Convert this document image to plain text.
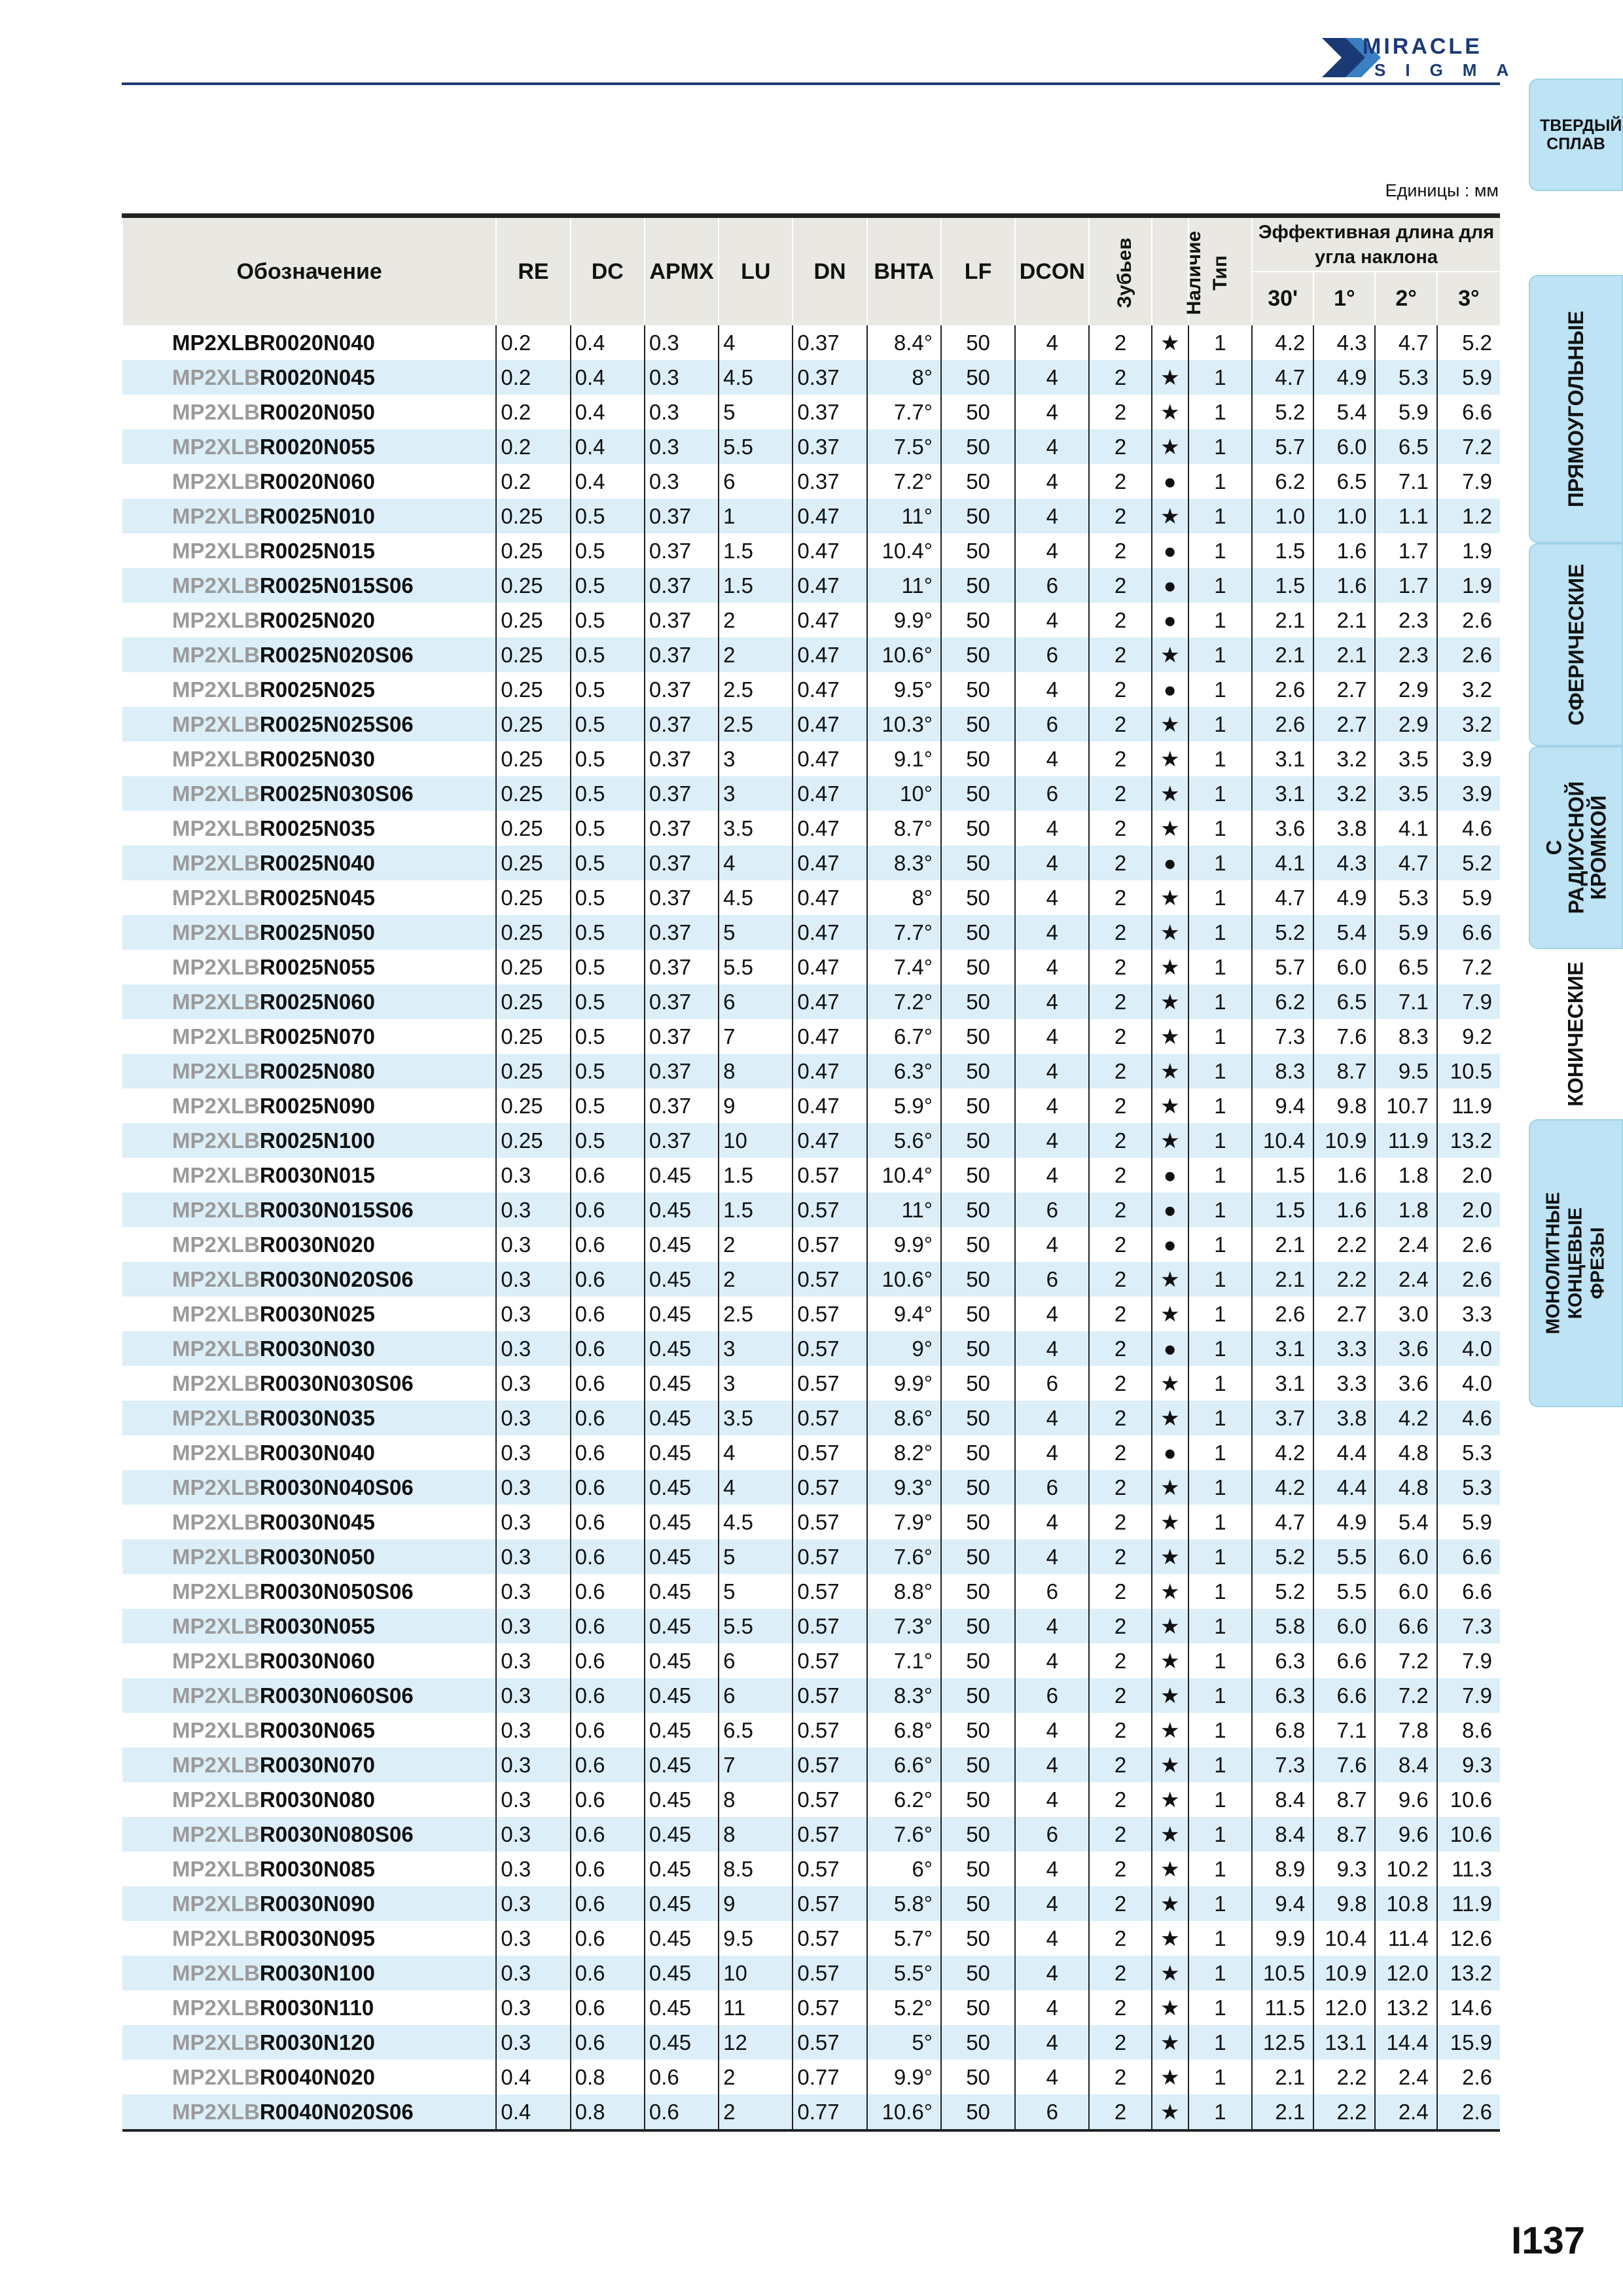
MIRACLE
SIGMA
ТВЕРДЫЙ СПЛАВ
ПРЯМОУГОЛЬНЫЕ
СФЕРИЧЕСКИЕ
С РАДИУСНОЙ КРОМКОЙ
КОНИЧЕСКИЕ
МОНОЛИТНЫЕ КОНЦЕВЫЕ ФРЕЗЫ
Единицы : мм
Обозначение	RE	DC	APMX	LU	DN	BHTA	LF	DCON	Зубьев	Наличие	Тип	Эффективная длина для угла наклона			
												30'	1°	2°	3°
MP2XLBR0020N040	0.2	0.4	0.3	4	0.37	8.4°	50	4	2	★	1	4.2	4.3	4.7	5.2
MP2XLBR0020N045	0.2	0.4	0.3	4.5	0.37	8°	50	4	2	★	1	4.7	4.9	5.3	5.9
MP2XLBR0020N050	0.2	0.4	0.3	5	0.37	7.7°	50	4	2	★	1	5.2	5.4	5.9	6.6
MP2XLBR0020N055	0.2	0.4	0.3	5.5	0.37	7.5°	50	4	2	★	1	5.7	6.0	6.5	7.2
MP2XLBR0020N060	0.2	0.4	0.3	6	0.37	7.2°	50	4	2	●	1	6.2	6.5	7.1	7.9
MP2XLBR0025N010	0.25	0.5	0.37	1	0.47	11°	50	4	2	★	1	1.0	1.0	1.1	1.2
MP2XLBR0025N015	0.25	0.5	0.37	1.5	0.47	10.4°	50	4	2	●	1	1.5	1.6	1.7	1.9
MP2XLBR0025N015S06	0.25	0.5	0.37	1.5	0.47	11°	50	6	2	●	1	1.5	1.6	1.7	1.9
MP2XLBR0025N020	0.25	0.5	0.37	2	0.47	9.9°	50	4	2	●	1	2.1	2.1	2.3	2.6
MP2XLBR0025N020S06	0.25	0.5	0.37	2	0.47	10.6°	50	6	2	★	1	2.1	2.1	2.3	2.6
MP2XLBR0025N025	0.25	0.5	0.37	2.5	0.47	9.5°	50	4	2	●	1	2.6	2.7	2.9	3.2
MP2XLBR0025N025S06	0.25	0.5	0.37	2.5	0.47	10.3°	50	6	2	★	1	2.6	2.7	2.9	3.2
MP2XLBR0025N030	0.25	0.5	0.37	3	0.47	9.1°	50	4	2	★	1	3.1	3.2	3.5	3.9
MP2XLBR0025N030S06	0.25	0.5	0.37	3	0.47	10°	50	6	2	★	1	3.1	3.2	3.5	3.9
MP2XLBR0025N035	0.25	0.5	0.37	3.5	0.47	8.7°	50	4	2	★	1	3.6	3.8	4.1	4.6
MP2XLBR0025N040	0.25	0.5	0.37	4	0.47	8.3°	50	4	2	●	1	4.1	4.3	4.7	5.2
MP2XLBR0025N045	0.25	0.5	0.37	4.5	0.47	8°	50	4	2	★	1	4.7	4.9	5.3	5.9
MP2XLBR0025N050	0.25	0.5	0.37	5	0.47	7.7°	50	4	2	★	1	5.2	5.4	5.9	6.6
MP2XLBR0025N055	0.25	0.5	0.37	5.5	0.47	7.4°	50	4	2	★	1	5.7	6.0	6.5	7.2
MP2XLBR0025N060	0.25	0.5	0.37	6	0.47	7.2°	50	4	2	★	1	6.2	6.5	7.1	7.9
MP2XLBR0025N070	0.25	0.5	0.37	7	0.47	6.7°	50	4	2	★	1	7.3	7.6	8.3	9.2
MP2XLBR0025N080	0.25	0.5	0.37	8	0.47	6.3°	50	4	2	★	1	8.3	8.7	9.5	10.5
MP2XLBR0025N090	0.25	0.5	0.37	9	0.47	5.9°	50	4	2	★	1	9.4	9.8	10.7	11.9
MP2XLBR0025N100	0.25	0.5	0.37	10	0.47	5.6°	50	4	2	★	1	10.4	10.9	11.9	13.2
MP2XLBR0030N015	0.3	0.6	0.45	1.5	0.57	10.4°	50	4	2	●	1	1.5	1.6	1.8	2.0
MP2XLBR0030N015S06	0.3	0.6	0.45	1.5	0.57	11°	50	6	2	●	1	1.5	1.6	1.8	2.0
MP2XLBR0030N020	0.3	0.6	0.45	2	0.57	9.9°	50	4	2	●	1	2.1	2.2	2.4	2.6
MP2XLBR0030N020S06	0.3	0.6	0.45	2	0.57	10.6°	50	6	2	★	1	2.1	2.2	2.4	2.6
MP2XLBR0030N025	0.3	0.6	0.45	2.5	0.57	9.4°	50	4	2	★	1	2.6	2.7	3.0	3.3
MP2XLBR0030N030	0.3	0.6	0.45	3	0.57	9°	50	4	2	●	1	3.1	3.3	3.6	4.0
MP2XLBR0030N030S06	0.3	0.6	0.45	3	0.57	9.9°	50	6	2	★	1	3.1	3.3	3.6	4.0
MP2XLBR0030N035	0.3	0.6	0.45	3.5	0.57	8.6°	50	4	2	★	1	3.7	3.8	4.2	4.6
MP2XLBR0030N040	0.3	0.6	0.45	4	0.57	8.2°	50	4	2	●	1	4.2	4.4	4.8	5.3
MP2XLBR0030N040S06	0.3	0.6	0.45	4	0.57	9.3°	50	6	2	★	1	4.2	4.4	4.8	5.3
MP2XLBR0030N045	0.3	0.6	0.45	4.5	0.57	7.9°	50	4	2	★	1	4.7	4.9	5.4	5.9
MP2XLBR0030N050	0.3	0.6	0.45	5	0.57	7.6°	50	4	2	★	1	5.2	5.5	6.0	6.6
MP2XLBR0030N050S06	0.3	0.6	0.45	5	0.57	8.8°	50	6	2	★	1	5.2	5.5	6.0	6.6
MP2XLBR0030N055	0.3	0.6	0.45	5.5	0.57	7.3°	50	4	2	★	1	5.8	6.0	6.6	7.3
MP2XLBR0030N060	0.3	0.6	0.45	6	0.57	7.1°	50	4	2	★	1	6.3	6.6	7.2	7.9
MP2XLBR0030N060S06	0.3	0.6	0.45	6	0.57	8.3°	50	6	2	★	1	6.3	6.6	7.2	7.9
MP2XLBR0030N065	0.3	0.6	0.45	6.5	0.57	6.8°	50	4	2	★	1	6.8	7.1	7.8	8.6
MP2XLBR0030N070	0.3	0.6	0.45	7	0.57	6.6°	50	4	2	★	1	7.3	7.6	8.4	9.3
MP2XLBR0030N080	0.3	0.6	0.45	8	0.57	6.2°	50	4	2	★	1	8.4	8.7	9.6	10.6
MP2XLBR0030N080S06	0.3	0.6	0.45	8	0.57	7.6°	50	6	2	★	1	8.4	8.7	9.6	10.6
MP2XLBR0030N085	0.3	0.6	0.45	8.5	0.57	6°	50	4	2	★	1	8.9	9.3	10.2	11.3
MP2XLBR0030N090	0.3	0.6	0.45	9	0.57	5.8°	50	4	2	★	1	9.4	9.8	10.8	11.9
MP2XLBR0030N095	0.3	0.6	0.45	9.5	0.57	5.7°	50	4	2	★	1	9.9	10.4	11.4	12.6
MP2XLBR0030N100	0.3	0.6	0.45	10	0.57	5.5°	50	4	2	★	1	10.5	10.9	12.0	13.2
MP2XLBR0030N110	0.3	0.6	0.45	11	0.57	5.2°	50	4	2	★	1	11.5	12.0	13.2	14.6
MP2XLBR0030N120	0.3	0.6	0.45	12	0.57	5°	50	4	2	★	1	12.5	13.1	14.4	15.9
MP2XLBR0040N020	0.4	0.8	0.6	2	0.77	9.9°	50	4	2	★	1	2.1	2.2	2.4	2.6
MP2XLBR0040N020S06	0.4	0.8	0.6	2	0.77	10.6°	50	6	2	★	1	2.1	2.2	2.4	2.6
I137
